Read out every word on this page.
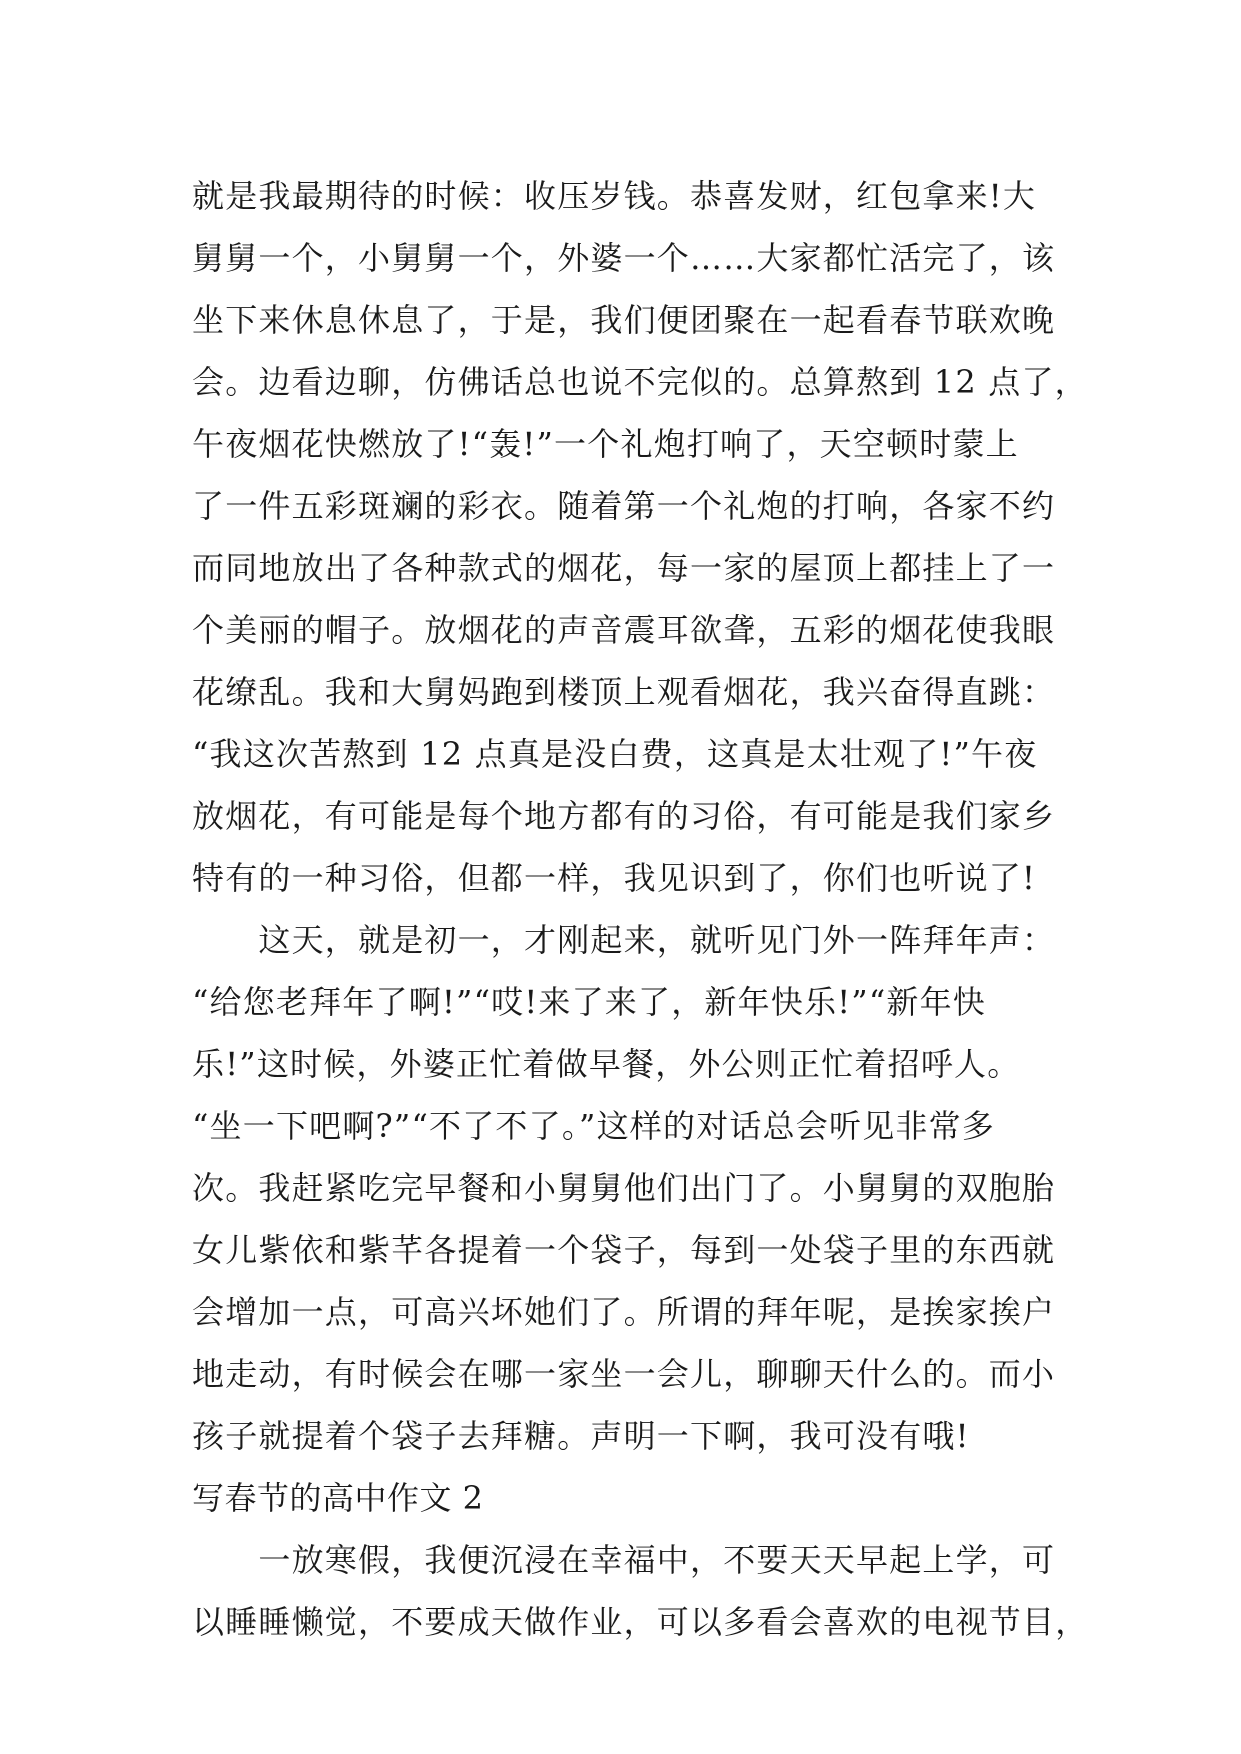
就是我最期待的时候：收压岁钱。恭喜发财，红包拿来!大
舅舅一个，小舅舅一个，外婆一个……大家都忙活完了，该
坐下来休息休息了，于是，我们便团聚在一起看春节联欢晚
会。边看边聊，仿佛话总也说不完似的。总算熬到 12 点了，
午夜烟花快燃放了!“轰!”一个礼炮打响了，天空顿时蒙上
了一件五彩斑斓的彩衣。随着第一个礼炮的打响，各家不约
而同地放出了各种款式的烟花，每一家的屋顶上都挂上了一
个美丽的帽子。放烟花的声音震耳欲聋，五彩的烟花使我眼
花缭乱。我和大舅妈跑到楼顶上观看烟花，我兴奋得直跳：
“我这次苦熬到 12 点真是没白费，这真是太壮观了!”午夜
放烟花，有可能是每个地方都有的习俗，有可能是我们家乡
特有的一种习俗，但都一样，我见识到了，你们也听说了!
　　这天，就是初一，才刚起来，就听见门外一阵拜年声：
“给您老拜年了啊!”“哎!来了来了，新年快乐!”“新年快
乐!”这时候，外婆正忙着做早餐，外公则正忙着招呼人。
“坐一下吧啊?”“不了不了。”这样的对话总会听见非常多
次。我赶紧吃完早餐和小舅舅他们出门了。小舅舅的双胞胎
女儿紫依和紫芊各提着一个袋子，每到一处袋子里的东西就
会增加一点，可高兴坏她们了。所谓的拜年呢，是挨家挨户
地走动，有时候会在哪一家坐一会儿，聊聊天什么的。而小
孩子就提着个袋子去拜糖。声明一下啊，我可没有哦!
写春节的高中作文 2
　　一放寒假，我便沉浸在幸福中，不要天天早起上学，可
以睡睡懒觉，不要成天做作业，可以多看会喜欢的电视节目，
